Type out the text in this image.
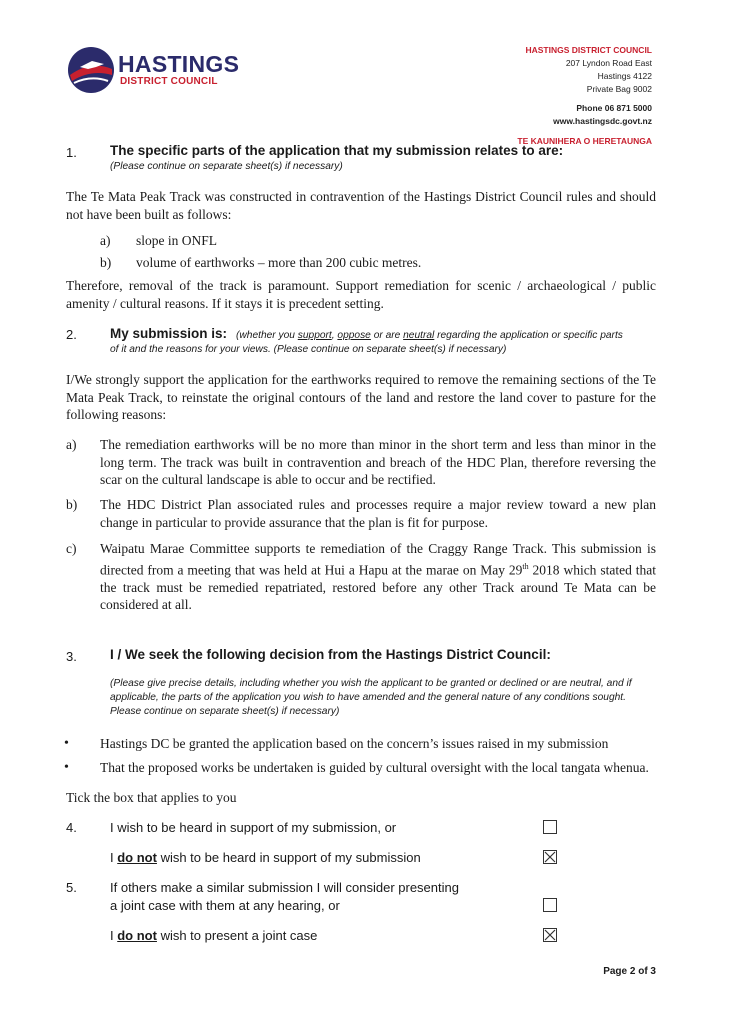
HASTINGS
DISTRICT COUNCIL
HASTINGS DISTRICT COUNCIL
207 Lyndon Road East
Hastings 4122
Private Bag 9002
Phone 06 871 5000
www.hastingsdc.govt.nz
TE KAUNIHERA O HERETAUNGA
1. The specific parts of the application that my submission relates to are:
(Please continue on separate sheet(s) if necessary)
The Te Mata Peak Track was constructed in contravention of the Hastings District Council rules and should not have been built as follows:
a) slope in ONFL
b) volume of earthworks – more than 200 cubic metres.
Therefore, removal of the track is paramount. Support remediation for scenic / archaeological / public amenity / cultural reasons. If it stays it is precedent setting.
2. My submission is: (whether you support, oppose or are neutral regarding the application or specific parts
of it and the reasons for your views. (Please continue on separate sheet(s) if necessary)
I/We strongly support the application for the earthworks required to remove the remaining sections of the Te Mata Peak Track, to reinstate the original contours of the land and restore the land cover to pasture for the following reasons:
a) The remediation earthworks will be no more than minor in the short term and less than minor in the long term. The track was built in contravention and breach of the HDC Plan, therefore reversing the scar on the cultural landscape is able to occur and be rectified.
b) The HDC District Plan associated rules and processes require a major review toward a new plan change in particular to provide assurance that the plan is fit for purpose.
c) Waipatu Marae Committee supports te remediation of the Craggy Range Track. This submission is directed from a meeting that was held at Hui a Hapu at the marae on May 29th 2018 which stated that the track must be remedied repatriated, restored before any other Track around Te Mata can be considered at all.
3. I / We seek the following decision from the Hastings District Council:
(Please give precise details, including whether you wish the applicant to be granted or declined or are neutral, and if applicable, the parts of the application you wish to have amended and the general nature of any conditions sought. Please continue on separate sheet(s) if necessary)
• Hastings DC be granted the application based on the concern’s issues raised in my submission
• That the proposed works be undertaken is guided by cultural oversight with the local tangata whenua.
Tick the box that applies to you
4.	I wish to be heard in support of my submission, or
I do not wish to be heard in support of my submission
5.	If others make a similar submission I will consider presenting
a joint case with them at any hearing, or
I do not wish to present a joint case
Page 2 of 3
